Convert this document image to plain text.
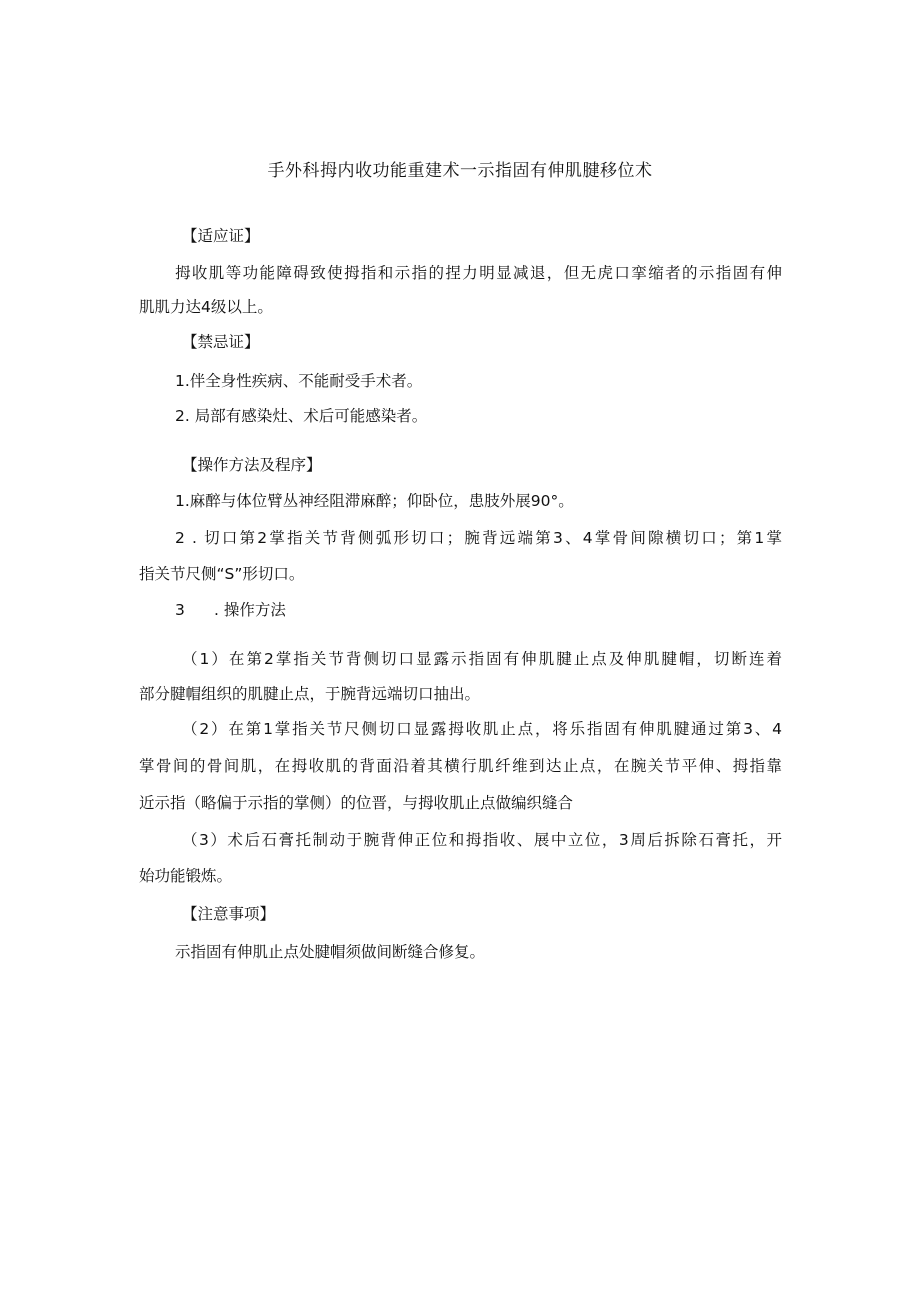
手外科拇内收功能重建术一示指固有伸肌腱移位术
【适应证】
拇收肌等功能障碍致使拇指和示指的捏力明显减退，但无虎口挛缩者的示指固有伸
肌肌力达4级以上。
【禁忌证】
1.伴全身性疾病、不能耐受手术者。
2. 局部有感染灶、术后可能感染者。
【操作方法及程序】
1.麻醉与体位臂丛神经阻滞麻醉；仰卧位，患肢外展90°。
2 . 切口第2掌指关节背侧弧形切口；腕背远端第3、4掌骨间隙横切口；第1掌
指关节尺侧“S”形切口。
3 . 操作方法
（1）在第2掌指关节背侧切口显露示指固有伸肌腱止点及伸肌腱帽，切断连着
部分腱帽组织的肌腱止点，于腕背远端切口抽出。
（2）在第1掌指关节尺侧切口显露拇收肌止点，将乐指固有伸肌腱通过第3、4
掌骨间的骨间肌，在拇收肌的背面沿着其横行肌纤维到达止点，在腕关节平伸、拇指靠
近示指（略偏于示指的掌侧）的位晋，与拇收肌止点做编织缝合
（3）术后石膏托制动于腕背伸正位和拇指收、展中立位，3周后拆除石膏托，开
始功能锻炼。
【注意事项】
示指固有伸肌止点处腱帽须做间断缝合修复。
